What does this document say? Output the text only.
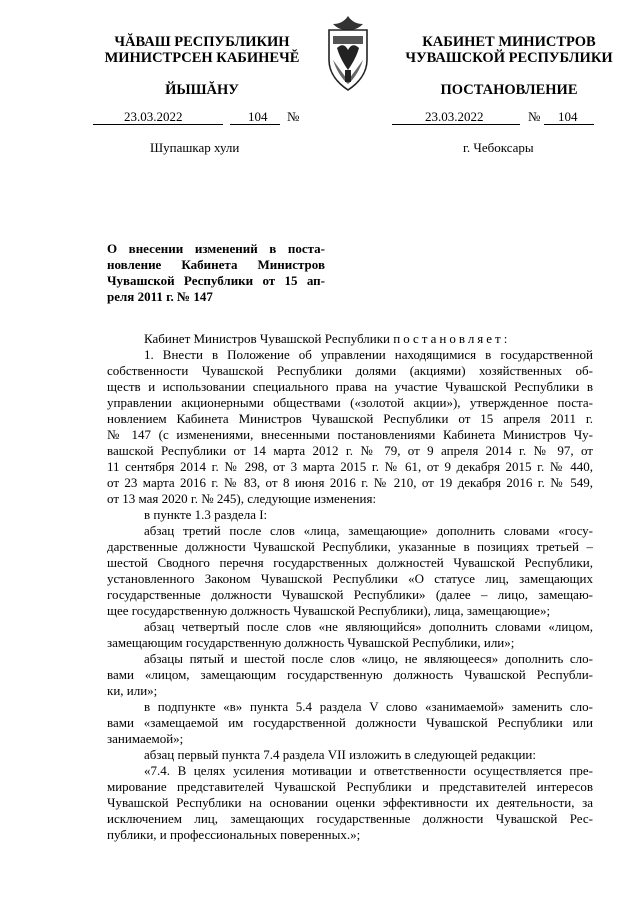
ЧĂВАШ РЕСПУБЛИКИН
МИНИСТРСЕН КАБИНЕЧĔ
ЙЫШĂНУ
КАБИНЕТ МИНИСТРОВ
ЧУВАШСКОЙ РЕСПУБЛИКИ
ПОСТАНОВЛЕНИЕ
23.03.2022	104 №	23.03.2022	№ 104
Шупашкар хули	г. Чебоксары
О внесении изменений в поста-
новление Кабинета Министров
Чувашской Республики от 15 ап-
реля 2011 г. № 147
Кабинет Министров Чувашской Республики постановляет:
1. Внести в Положение об управлении находящимися в государственной
собственности Чувашской Республики долями (акциями) хозяйственных об-
ществ и использовании специального права на участие Чувашской Республики в
управлении акционерными обществами («золотой акции»), утвержденное поста-
новлением Кабинета Министров Чувашской Республики от 15 апреля 2011 г.
№ 147 (с изменениями, внесенными постановлениями Кабинета Министров Чу-
вашской Республики от 14 марта 2012 г. № 79, от 9 апреля 2014 г. № 97, от
11 сентября 2014 г. № 298, от 3 марта 2015 г. № 61, от 9 декабря 2015 г. № 440,
от 23 марта 2016 г. № 83, от 8 июня 2016 г. № 210, от 19 декабря 2016 г. № 549,
от 13 мая 2020 г. № 245), следующие изменения:
в пункте 1.3 раздела I:
абзац третий после слов «лица, замещающие» дополнить словами «госу-
дарственные должности Чувашской Республики, указанные в позициях третьей –
шестой Сводного перечня государственных должностей Чувашской Республики,
установленного Законом Чувашской Республики «О статусе лиц, замещающих
государственные должности Чувашской Республики» (далее – лицо, замещаю-
щее государственную должность Чувашской Республики), лица, замещающие»;
абзац четвертый после слов «не являющийся» дополнить словами «лицом,
замещающим государственную должность Чувашской Республики, или»;
абзацы пятый и шестой после слов «лицо, не являющееся» дополнить сло-
вами «лицом, замещающим государственную должность Чувашской Республи-
ки, или»;
в подпункте «в» пункта 5.4 раздела V слово «занимаемой» заменить сло-
вами «замещаемой им государственной должности Чувашской Республики или
занимаемой»;
абзац первый пункта 7.4 раздела VII изложить в следующей редакции:
«7.4. В целях усиления мотивации и ответственности осуществляется пре-
мирование представителей Чувашской Республики и представителей интересов
Чувашской Республики на основании оценки эффективности их деятельности, за
исключением лиц, замещающих государственные должности Чувашской Рес-
публики, и профессиональных поверенных.»;
